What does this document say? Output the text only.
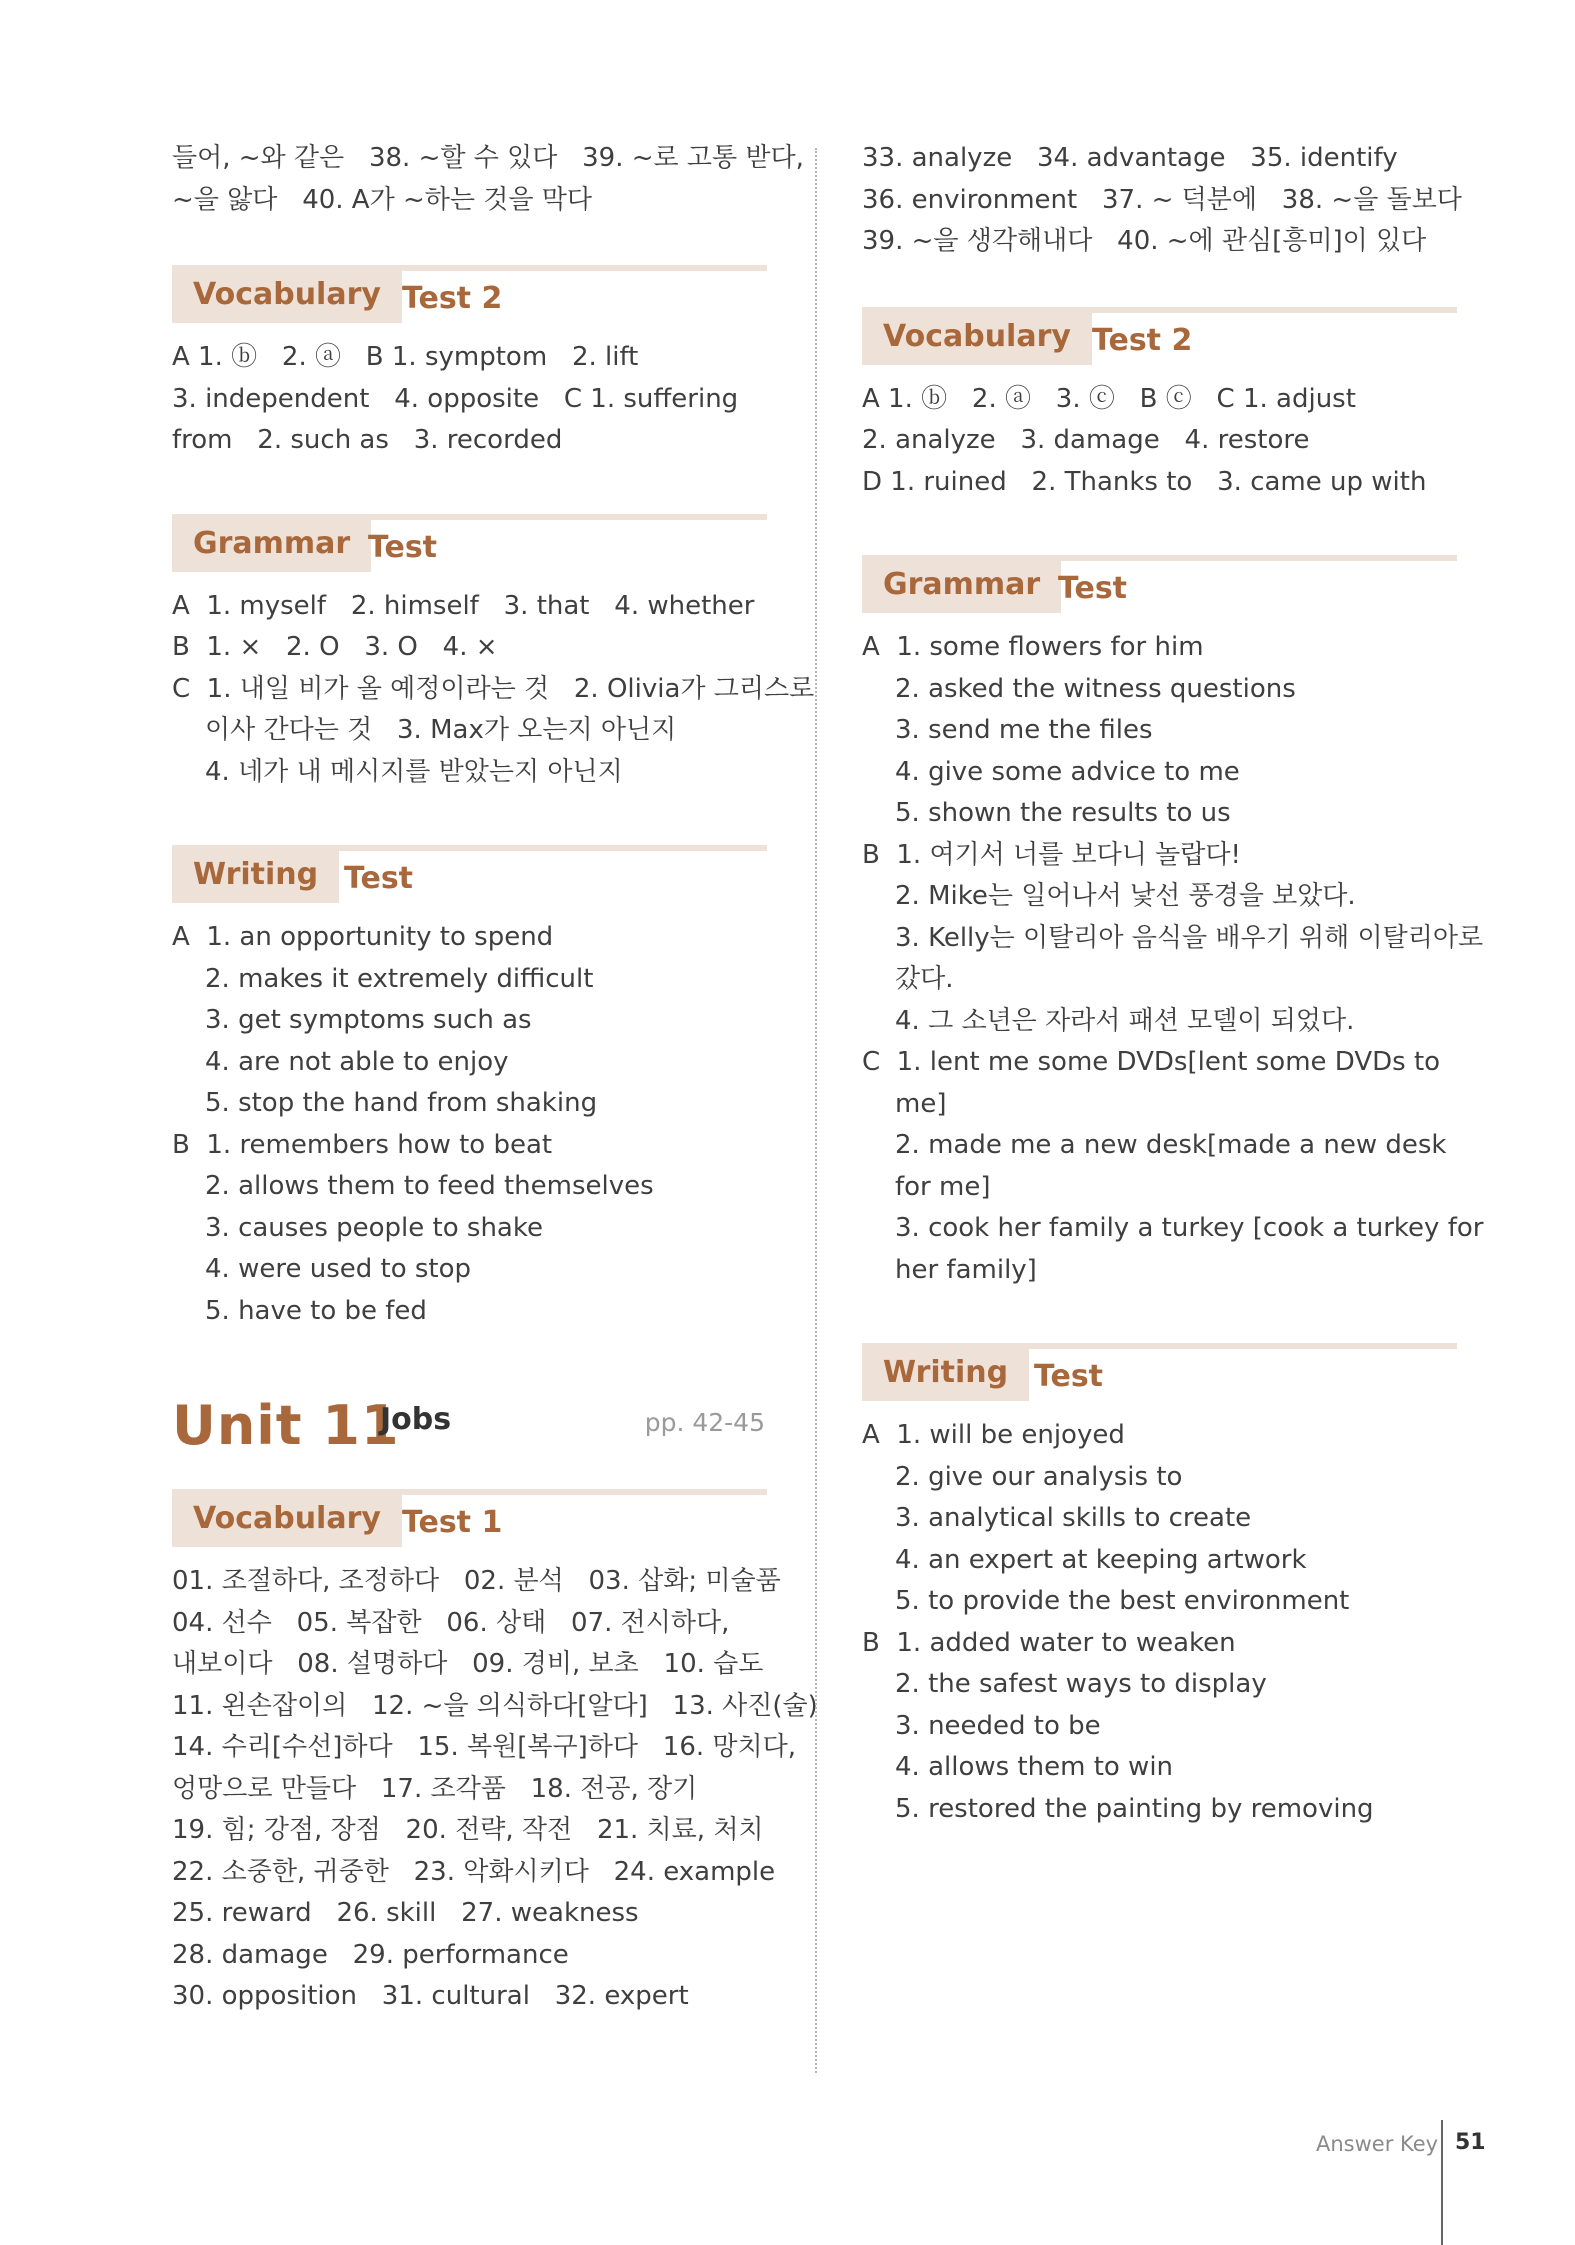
들어, ~와 같은   38. ~할 수 있다   39. ~로 고통 받다,
~을 앓다   40. A가 ~하는 것을 막다
Vocabulary Test 2
A 1. ⓑ   2. ⓐ   B 1. symptom   2. lift
3. independent   4. opposite   C 1. suffering
from   2. such as   3. recorded
Grammar Test
A  1. myself   2. himself   3. that   4. whether
B  1. ×   2. O   3. O   4. ×
C  1. 내일 비가 올 예정이라는 것   2. Olivia가 그리스로
이사 간다는 것   3. Max가 오는지 아닌지
4. 네가 내 메시지를 받았는지 아닌지
Writing Test
A  1. an opportunity to spend
2. makes it extremely difficult
3. get symptoms such as
4. are not able to enjoy
5. stop the hand from shaking
B  1. remembers how to beat
2. allows them to feed themselves
3. causes people to shake
4. were used to stop
5. have to be fed
Unit 11
Jobs	pp. 42-45
Vocabulary Test 1
01. 조절하다, 조정하다   02. 분석   03. 삽화; 미술품
04. 선수   05. 복잡한   06. 상태   07. 전시하다,
내보이다   08. 설명하다   09. 경비, 보초   10. 습도
11. 왼손잡이의   12. ~을 의식하다[알다]   13. 사진(술)
14. 수리[수선]하다   15. 복원[복구]하다   16. 망치다,
엉망으로 만들다   17. 조각품   18. 전공, 장기
19. 힘; 강점, 장점   20. 전략, 작전   21. 치료, 처치
22. 소중한, 귀중한   23. 악화시키다   24. example
25. reward   26. skill   27. weakness
28. damage   29. performance
30. opposition   31. cultural   32. expert
33. analyze   34. advantage   35. identify
36. environment   37. ~ 덕분에   38. ~을 돌보다
39. ~을 생각해내다   40. ~에 관심[흥미]이 있다
Vocabulary Test 2
A 1. ⓑ   2. ⓐ   3. ⓒ   B ⓒ   C 1. adjust
2. analyze   3. damage   4. restore
D 1. ruined   2. Thanks to   3. came up with
Grammar Test
A  1. some flowers for him
2. asked the witness questions
3. send me the files
4. give some advice to me
5. shown the results to us
B  1. 여기서 너를 보다니 놀랍다!
2. Mike는 일어나서 낯선 풍경을 보았다.
3. Kelly는 이탈리아 음식을 배우기 위해 이탈리아로
갔다.
4. 그 소년은 자라서 패션 모델이 되었다.
C  1. lent me some DVDs[lent some DVDs to
me]
2. made me a new desk[made a new desk
for me]
3. cook her family a turkey [cook a turkey for
her family]
Writing Test
A  1. will be enjoyed
2. give our analysis to
3. analytical skills to create
4. an expert at keeping artwork
5. to provide the best environment
B  1. added water to weaken
2. the safest ways to display
3. needed to be
4. allows them to win
5. restored the painting by removing
Answer Key 51
